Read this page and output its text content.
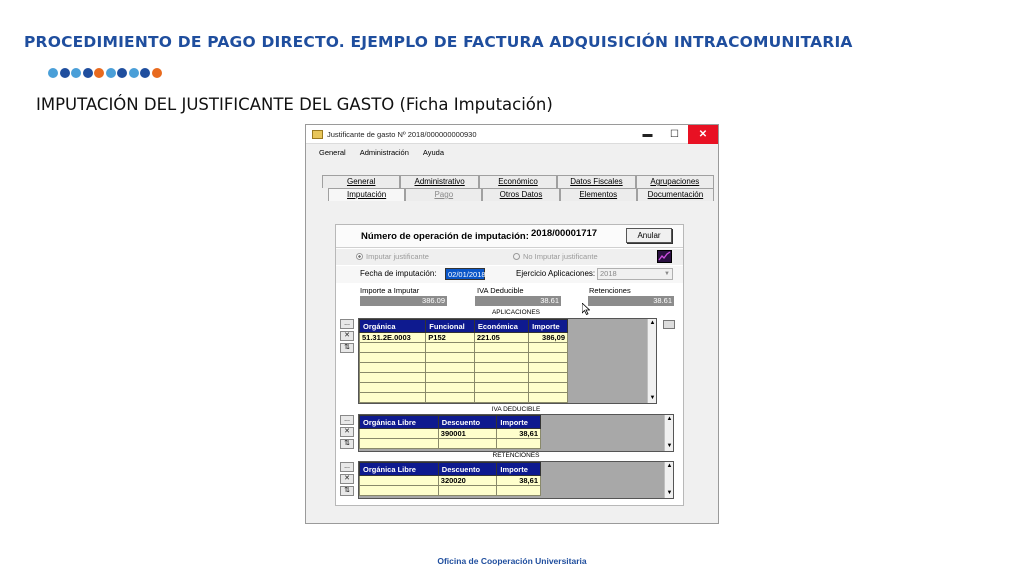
PROCEDIMIENTO DE PAGO DIRECTO. EJEMPLO DE FACTURA ADQUISICIÓN INTRACOMUNITARIA
IMPUTACIÓN DEL JUSTIFICANTE DEL GASTO (Ficha Imputación)
Justificante de gasto Nº 2018/000000000930	▬	☐	✕
General Administración Ayuda
General	Administrativo	Económico	Datos Fiscales	Agrupaciones
Imputación	Pago	Otros Datos	Elementos	Documentación
Número de operación de imputación: 2018/00001717	Anular
Imputar justificante	No Imputar justificante
Fecha de imputación:	02/01/2018	Ejercicio Aplicaciones: 2018	▼
Importe a Imputar
386.09
IVA Deducible
38.61
Retenciones
38.61
APLICACIONES
...
✕
⇅
Orgánica	Funcional	Económica	Importe
51.31.2E.0003	P152	221.05	386,09

▲
▼
IVA DEDUCIBLE
...
✕
⇅
Orgánica Libre	Descuento	Importe
	390001	38,61

▲
▼
RETENCIONES
...
✕
⇅
Orgánica Libre	Descuento	Importe
	320020	38,61

▲
▼
Oficina de Cooperación Universitaria
